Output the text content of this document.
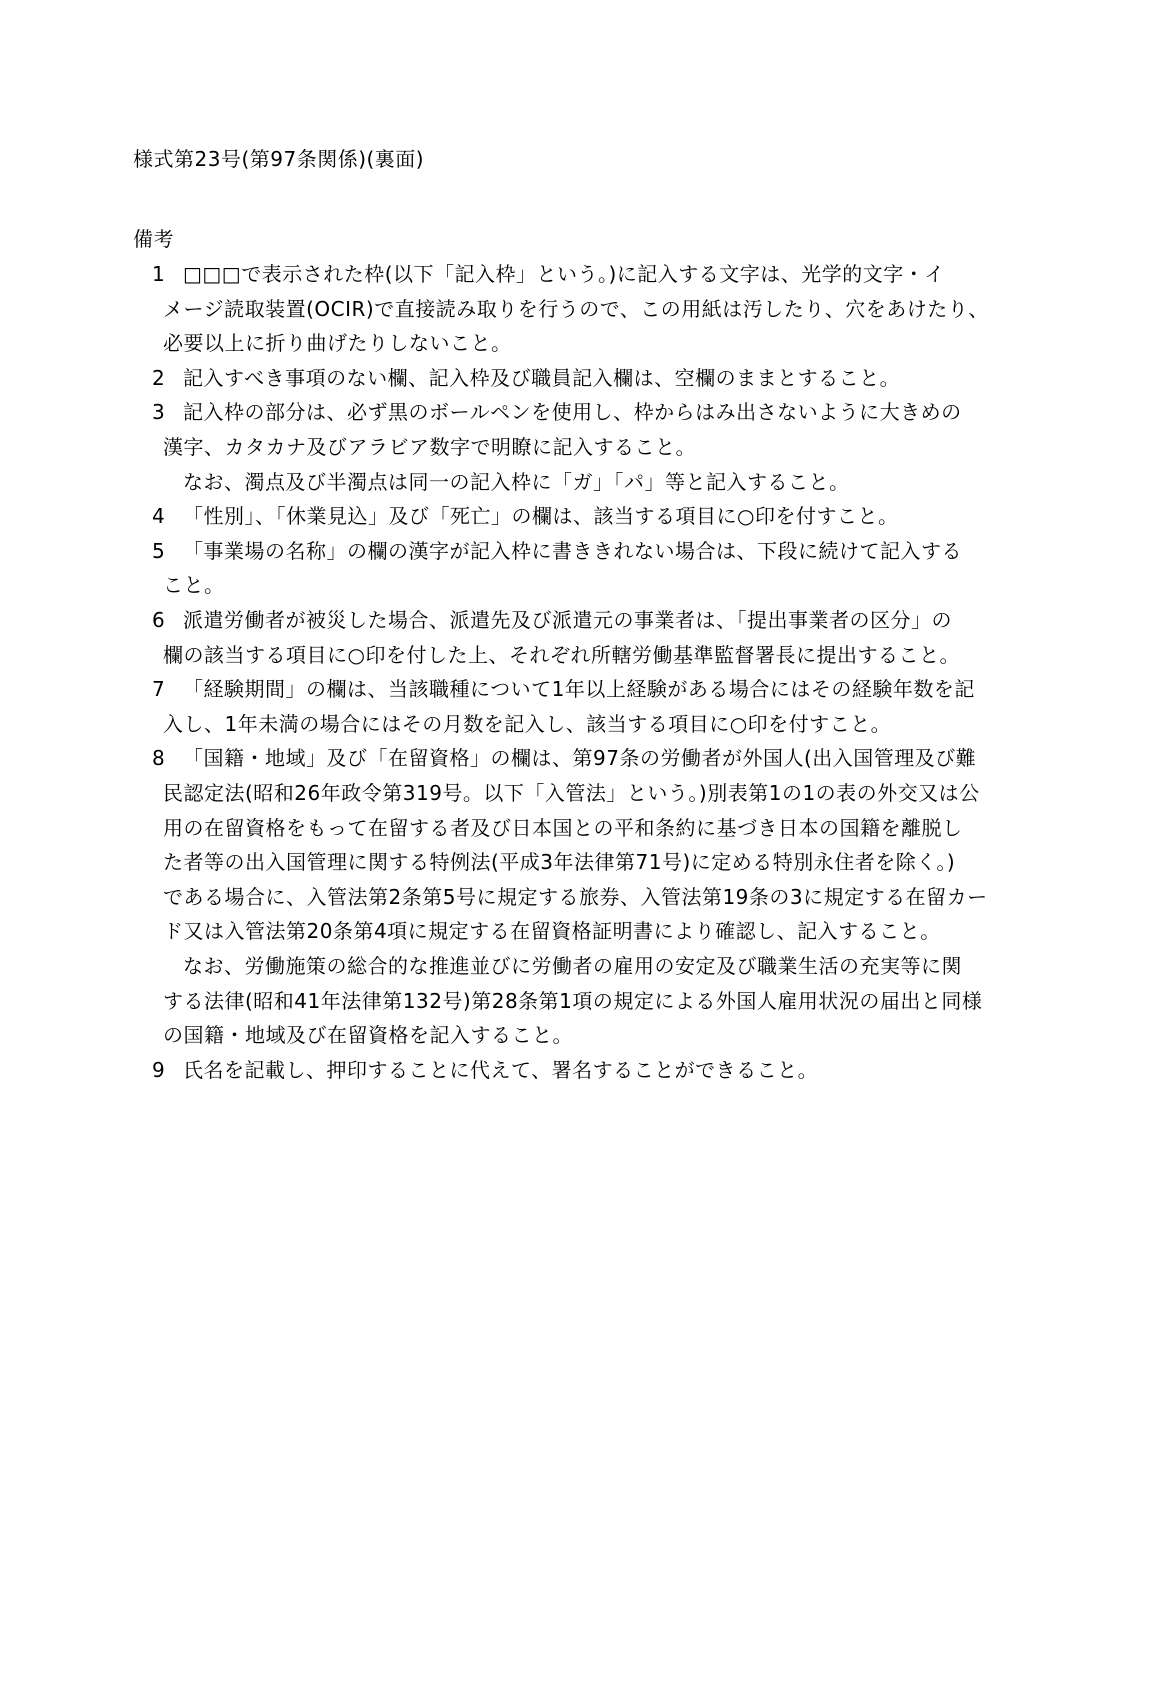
様式第23号(第97条関係)(裏面)
備考
1 □□□で表示された枠(以下「記入枠」という。)に記入する文字は、光学的文字・イ
メージ読取装置(OCIR)で直接読み取りを行うので、この用紙は汚したり、穴をあけたり、
必要以上に折り曲げたりしないこと。
2 記入すべき事項のない欄、記入枠及び職員記入欄は、空欄のままとすること。
3 記入枠の部分は、必ず黒のボールペンを使用し、枠からはみ出さないように大きめの
漢字、カタカナ及びアラビア数字で明瞭に記入すること。
なお、濁点及び半濁点は同一の記入枠に「ガ」「パ」等と記入すること。
4 「性別」、「休業見込」及び「死亡」の欄は、該当する項目に○印を付すこと。
5 「事業場の名称」の欄の漢字が記入枠に書ききれない場合は、下段に続けて記入する
こと。
6 派遣労働者が被災した場合、派遣先及び派遣元の事業者は、「提出事業者の区分」の
欄の該当する項目に○印を付した上、それぞれ所轄労働基準監督署長に提出すること。
7 「経験期間」の欄は、当該職種について1年以上経験がある場合にはその経験年数を記
入し、1年未満の場合にはその月数を記入し、該当する項目に○印を付すこと。
8 「国籍・地域」及び「在留資格」の欄は、第97条の労働者が外国人(出入国管理及び難
民認定法(昭和26年政令第319号。以下「入管法」という。)別表第1の1の表の外交又は公
用の在留資格をもって在留する者及び日本国との平和条約に基づき日本の国籍を離脱し
た者等の出入国管理に関する特例法(平成3年法律第71号)に定める特別永住者を除く。)
である場合に、入管法第2条第5号に規定する旅券、入管法第19条の3に規定する在留カー
ド又は入管法第20条第4項に規定する在留資格証明書により確認し、記入すること。
なお、労働施策の総合的な推進並びに労働者の雇用の安定及び職業生活の充実等に関
する法律(昭和41年法律第132号)第28条第1項の規定による外国人雇用状況の届出と同様
の国籍・地域及び在留資格を記入すること。
9 氏名を記載し、押印することに代えて、署名することができること。
